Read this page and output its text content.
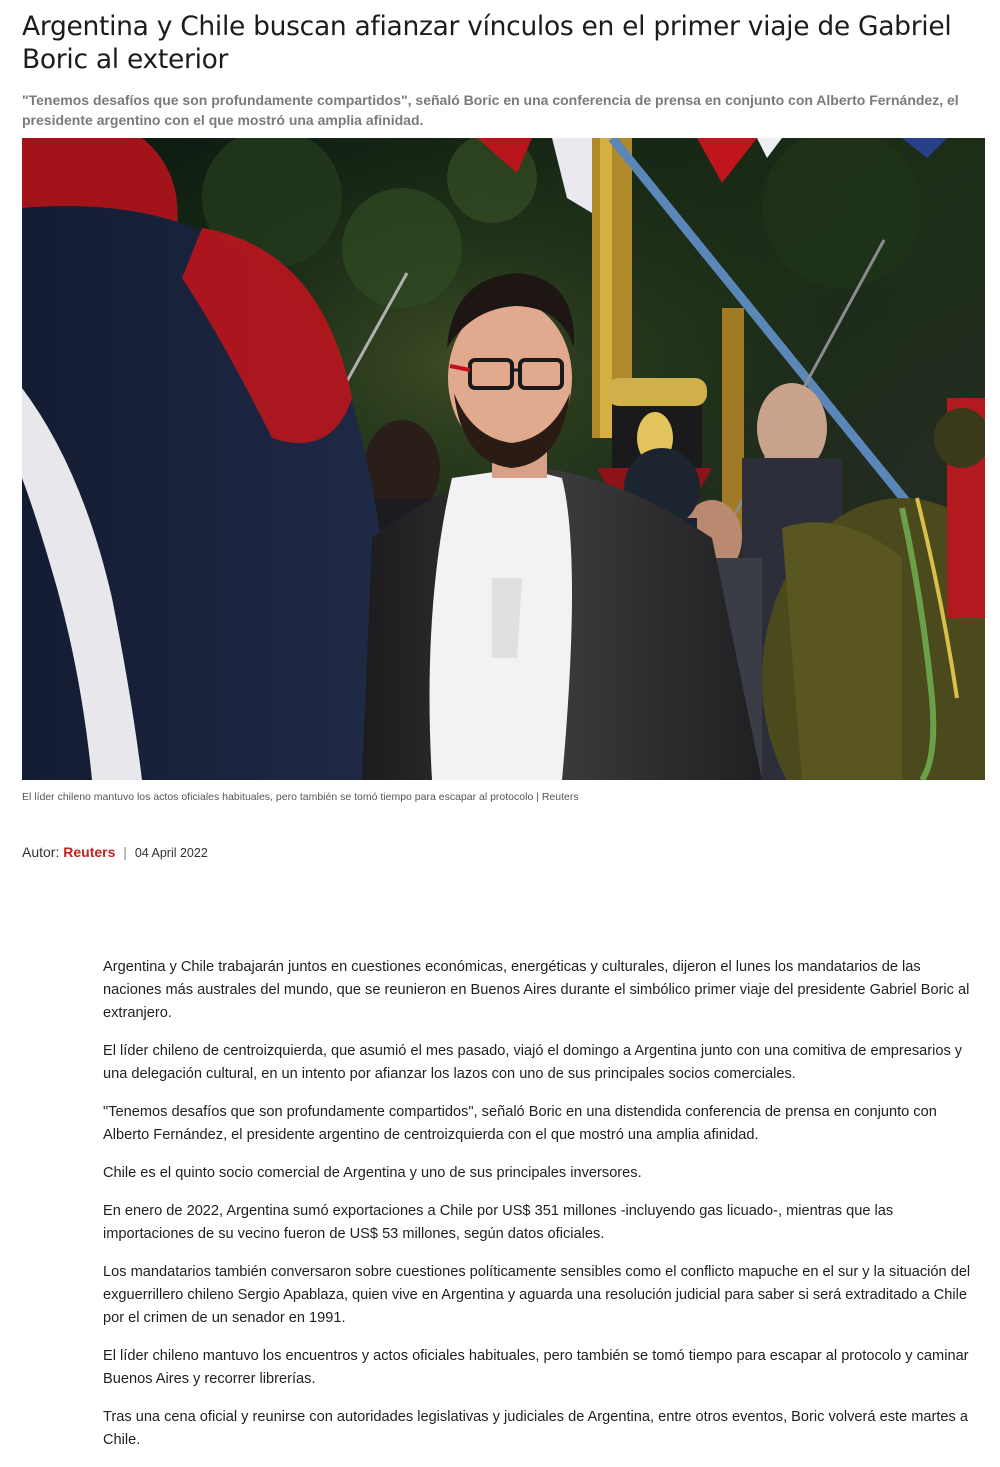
Argentina y Chile buscan afianzar vínculos en el primer viaje de Gabriel Boric al exterior

"Tenemos desafíos que son profundamente compartidos", señaló Boric en una conferencia de prensa en conjunto con Alberto Fernández, el presidente argentino con el que mostró una amplia afinidad.

El líder chileno mantuvo los actos oficiales habituales, pero también se tomó tiempo para escapar al protocolo | Reuters

Autor: Reuters | 04 April 2022

Argentina y Chile trabajarán juntos en cuestiones económicas, energéticas y culturales, dijeron el lunes los mandatarios de las naciones más australes del mundo, que se reunieron en Buenos Aires durante el simbólico primer viaje del presidente Gabriel Boric al extranjero.

El líder chileno de centroizquierda, que asumió el mes pasado, viajó el domingo a Argentina junto con una comitiva de empresarios y una delegación cultural, en un intento por afianzar los lazos con uno de sus principales socios comerciales.

"Tenemos desafíos que son profundamente compartidos", señaló Boric en una distendida conferencia de prensa en conjunto con Alberto Fernández, el presidente argentino de centroizquierda con el que mostró una amplia afinidad.

Chile es el quinto socio comercial de Argentina y uno de sus principales inversores.

En enero de 2022, Argentina sumó exportaciones a Chile por US$ 351 millones -incluyendo gas licuado-, mientras que las importaciones de su vecino fueron de US$ 53 millones, según datos oficiales.

Los mandatarios también conversaron sobre cuestiones políticamente sensibles como el conflicto mapuche en el sur y la situación del exguerrillero chileno Sergio Apablaza, quien vive en Argentina y aguarda una resolución judicial para saber si será extraditado a Chile por el crimen de un senador en 1991.

El líder chileno mantuvo los encuentros y actos oficiales habituales, pero también se tomó tiempo para escapar al protocolo y caminar Buenos Aires y recorrer librerías.

Tras una cena oficial y reunirse con autoridades legislativas y judiciales de Argentina, entre otros eventos, Boric volverá este martes a Chile.
